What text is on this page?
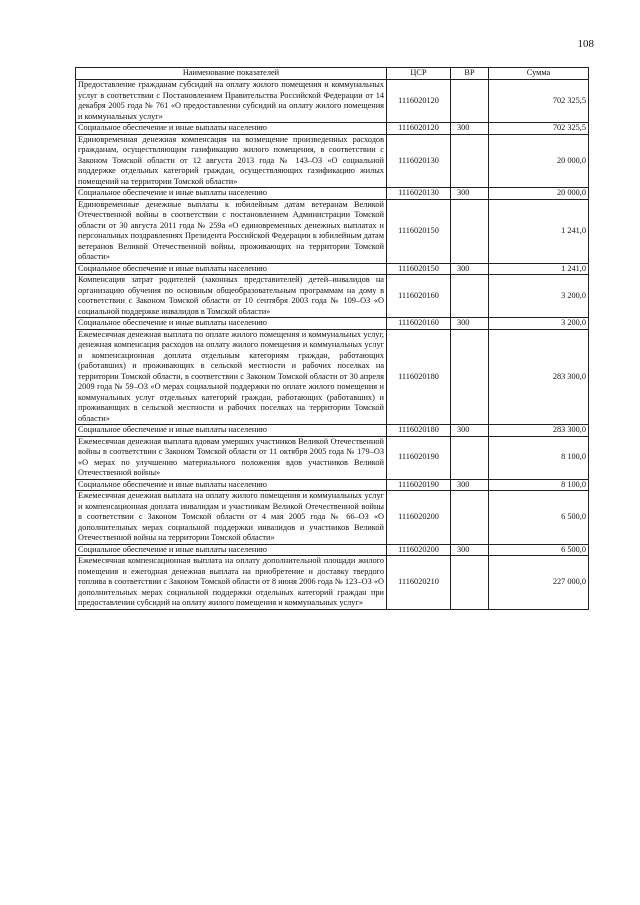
108
Наименование показателей	ЦСР	ВР	Сумма
Предоставление гражданам субсидий на оплату жилого помещения и коммунальных услуг в соответствии с Постановлением Правительства Российской Федерации от 14 декабря 2005 года № 761 «О предоставлении субсидий на оплату жилого помещения и коммунальных услуг»	1116020120		702 325,5
Социальное обеспечение и иные выплаты населению	1116020120	300	702 325,5
Единовременная денежная компенсация на возмещение произведенных расходов гражданам, осуществляющим газификацию жилого помещения, в соответствии с Законом Томской области от 12 августа 2013 года № 143–ОЗ «О социальной поддержке отдельных категорий граждан, осуществляющих газификацию жилых помещений на территории Томской области»	1116020130		20 000,0
Социальное обеспечение и иные выплаты населению	1116020130	300	20 000,0
Единовременные денежные выплаты к юбилейным датам ветеранам Великой Отечественной войны в соответствии с постановлением Администрации Томской области от 30 августа 2011 года № 259а «О единовременных денежных выплатах и персональных поздравлениях Президента Российской Федерации к юбилейным датам ветеранов Великой Отечественной войны, проживающих на территории Томской области»	1116020150		1 241,0
Социальное обеспечение и иные выплаты населению	1116020150	300	1 241,0
Компенсация затрат родителей (законных представителей) детей–инвалидов на организацию обучения по основным общеобразовательным программам на дому в соответствии с Законом Томской области от 10 сентября 2003 года № 109–ОЗ «О социальной поддержке инвалидов в Томской области»	1116020160		3 200,0
Социальное обеспечение и иные выплаты населению	1116020160	300	3 200,0
Ежемесячная денежная выплата по оплате жилого помещения и коммунальных услуг, денежная компенсация расходов на оплату жилого помещения и коммунальных услуг и компенсационная доплата отдельным категориям граждан, работающих (работавших) и проживающих в сельской местности и рабочих поселках на территории Томской области, в соответствии с Законом Томской области от 30 апреля 2009 года № 59–ОЗ «О мерах социальной поддержки по оплате жилого помещения и коммунальных услуг отдельных категорий граждан, работающих (работавших) и проживающих в сельской местности и рабочих поселках на территории Томской области»	1116020180		283 300,0
Социальное обеспечение и иные выплаты населению	1116020180	300	283 300,0
Ежемесячная денежная выплата вдовам умерших участников Великой Отечественной войны в соответствии с Законом Томской области от 11 октября 2005 года № 179–ОЗ «О мерах по улучшению материального положения вдов участников Великой Отечественной войны»	1116020190		8 100,0
Социальное обеспечение и иные выплаты населению	1116020190	300	8 100,0
Ежемесячная денежная выплата на оплату жилого помещения и коммунальных услуг и компенсационная доплата инвалидам и участникам Великой Отечественной войны в соответствии с Законом Томской области от 4 мая 2005 года № 66–ОЗ «О дополнительных мерах социальной поддержки инвалидов и участников Великой Отечественной войны на территории Томской области»	1116020200		6 500,0
Социальное обеспечение и иные выплаты населению	1116020200	300	6 500,0
Ежемесячная компенсационная выплата на оплату дополнительной площади жилого помещения и ежегодная денежная выплата на приобретение и доставку твердого топлива в соответствии с Законом Томской области от 8 июня 2006 года № 123–ОЗ «О дополнительных мерах социальной поддержки отдельных категорий граждан при предоставлении субсидий на оплату жилого помещения и коммунальных услуг»	1116020210		227 000,0
